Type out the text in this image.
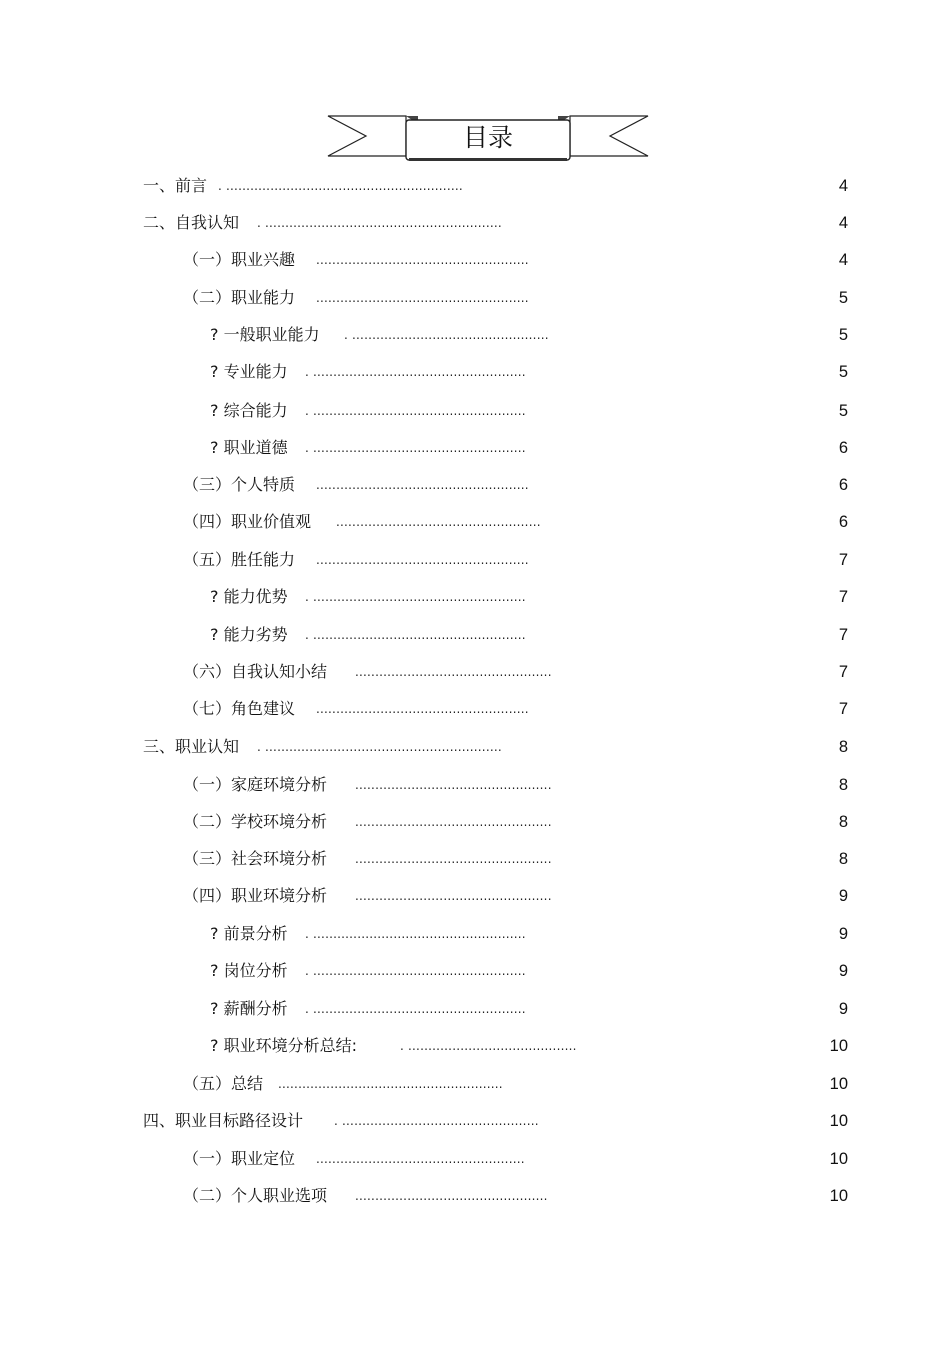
目录
一、前言 . ...........................................................	4
二、自我认知 . ...........................................................	4
（一）职业兴趣 .....................................................	4
（二）职业能力 .....................................................	5
? 一般职业能力 . .................................................	5
? 专业能力 . .....................................................	5
? 综合能力 . .....................................................	5
? 职业道德 . .....................................................	6
（三）个人特质 .....................................................	6
（四）职业价值观 ...................................................	6
（五）胜任能力 .....................................................	7
? 能力优势 . .....................................................	7
? 能力劣势 . .....................................................	7
（六）自我认知小结 .................................................	7
（七）角色建议 .....................................................	7
三、职业认知 . ...........................................................	8
（一）家庭环境分析 .................................................	8
（二）学校环境分析 .................................................	8
（三）社会环境分析 .................................................	8
（四）职业环境分析 .................................................	9
? 前景分析 . .....................................................	9
? 岗位分析 . .....................................................	9
? 薪酬分析 . .....................................................	9
? 职业环境分析总结:	. ..........................................	10
（五）总结 ........................................................	10
四、职业目标路径设计	. .................................................	10
（一）职业定位 ....................................................	10
（二）个人职业选项 ................................................	10
